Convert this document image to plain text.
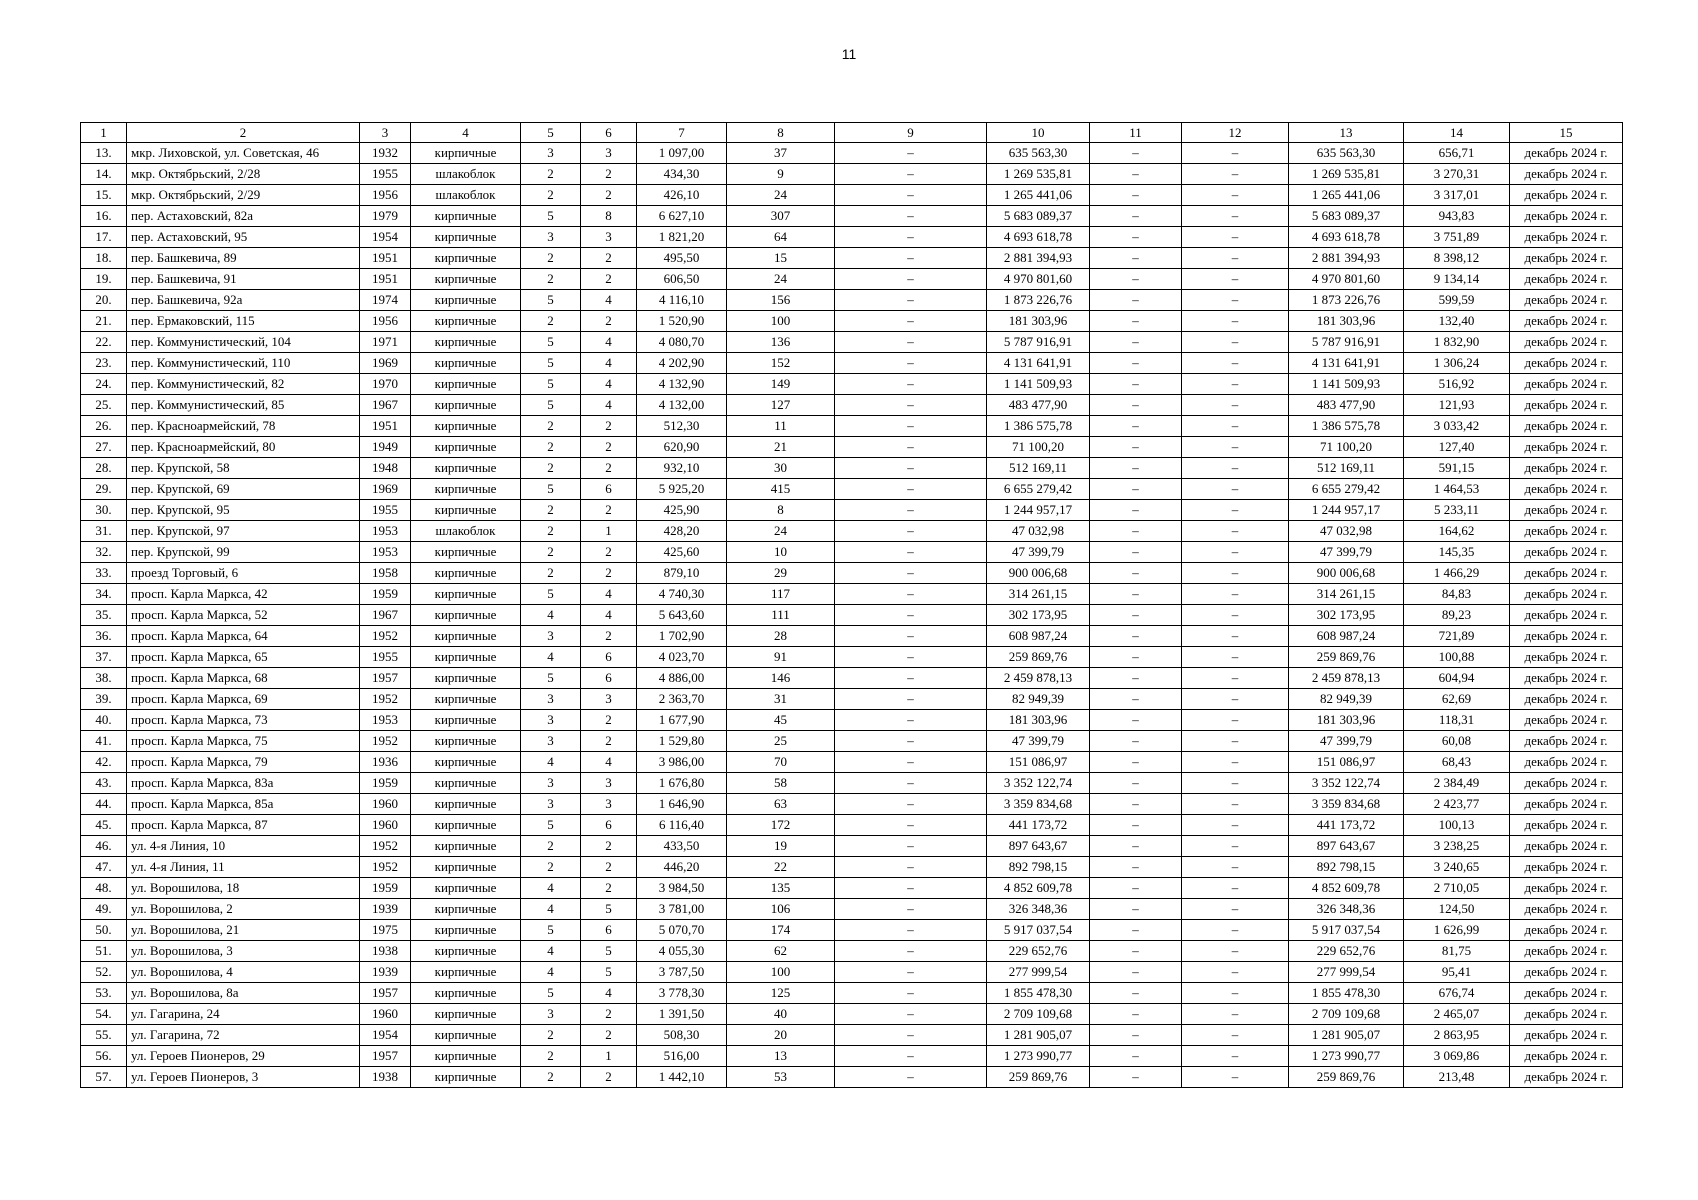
11
1	2	3	4	5	6	7	8	9	10	11	12	13	14	15
13.	мкр. Лиховской, ул. Советская, 46	1932	кирпичные	3	3	1 097,00	37	–	635 563,30	–	–	635 563,30	656,71	декабрь 2024 г.
14.	мкр. Октябрьский, 2/28	1955	шлакоблок	2	2	434,30	9	–	1 269 535,81	–	–	1 269 535,81	3 270,31	декабрь 2024 г.
15.	мкр. Октябрьский, 2/29	1956	шлакоблок	2	2	426,10	24	–	1 265 441,06	–	–	1 265 441,06	3 317,01	декабрь 2024 г.
16.	пер. Астаховский, 82а	1979	кирпичные	5	8	6 627,10	307	–	5 683 089,37	–	–	5 683 089,37	943,83	декабрь 2024 г.
17.	пер. Астаховский, 95	1954	кирпичные	3	3	1 821,20	64	–	4 693 618,78	–	–	4 693 618,78	3 751,89	декабрь 2024 г.
18.	пер. Башкевича, 89	1951	кирпичные	2	2	495,50	15	–	2 881 394,93	–	–	2 881 394,93	8 398,12	декабрь 2024 г.
19.	пер. Башкевича, 91	1951	кирпичные	2	2	606,50	24	–	4 970 801,60	–	–	4 970 801,60	9 134,14	декабрь 2024 г.
20.	пер. Башкевича, 92а	1974	кирпичные	5	4	4 116,10	156	–	1 873 226,76	–	–	1 873 226,76	599,59	декабрь 2024 г.
21.	пер. Ермаковский, 115	1956	кирпичные	2	2	1 520,90	100	–	181 303,96	–	–	181 303,96	132,40	декабрь 2024 г.
22.	пер. Коммунистический, 104	1971	кирпичные	5	4	4 080,70	136	–	5 787 916,91	–	–	5 787 916,91	1 832,90	декабрь 2024 г.
23.	пер. Коммунистический, 110	1969	кирпичные	5	4	4 202,90	152	–	4 131 641,91	–	–	4 131 641,91	1 306,24	декабрь 2024 г.
24.	пер. Коммунистический, 82	1970	кирпичные	5	4	4 132,90	149	–	1 141 509,93	–	–	1 141 509,93	516,92	декабрь 2024 г.
25.	пер. Коммунистический, 85	1967	кирпичные	5	4	4 132,00	127	–	483 477,90	–	–	483 477,90	121,93	декабрь 2024 г.
26.	пер. Красноармейский, 78	1951	кирпичные	2	2	512,30	11	–	1 386 575,78	–	–	1 386 575,78	3 033,42	декабрь 2024 г.
27.	пер. Красноармейский, 80	1949	кирпичные	2	2	620,90	21	–	71 100,20	–	–	71 100,20	127,40	декабрь 2024 г.
28.	пер. Крупской, 58	1948	кирпичные	2	2	932,10	30	–	512 169,11	–	–	512 169,11	591,15	декабрь 2024 г.
29.	пер. Крупской, 69	1969	кирпичные	5	6	5 925,20	415	–	6 655 279,42	–	–	6 655 279,42	1 464,53	декабрь 2024 г.
30.	пер. Крупской, 95	1955	кирпичные	2	2	425,90	8	–	1 244 957,17	–	–	1 244 957,17	5 233,11	декабрь 2024 г.
31.	пер. Крупской, 97	1953	шлакоблок	2	1	428,20	24	–	47 032,98	–	–	47 032,98	164,62	декабрь 2024 г.
32.	пер. Крупской, 99	1953	кирпичные	2	2	425,60	10	–	47 399,79	–	–	47 399,79	145,35	декабрь 2024 г.
33.	проезд Торговый, 6	1958	кирпичные	2	2	879,10	29	–	900 006,68	–	–	900 006,68	1 466,29	декабрь 2024 г.
34.	просп. Карла Маркса, 42	1959	кирпичные	5	4	4 740,30	117	–	314 261,15	–	–	314 261,15	84,83	декабрь 2024 г.
35.	просп. Карла Маркса, 52	1967	кирпичные	4	4	5 643,60	111	–	302 173,95	–	–	302 173,95	89,23	декабрь 2024 г.
36.	просп. Карла Маркса, 64	1952	кирпичные	3	2	1 702,90	28	–	608 987,24	–	–	608 987,24	721,89	декабрь 2024 г.
37.	просп. Карла Маркса, 65	1955	кирпичные	4	6	4 023,70	91	–	259 869,76	–	–	259 869,76	100,88	декабрь 2024 г.
38.	просп. Карла Маркса, 68	1957	кирпичные	5	6	4 886,00	146	–	2 459 878,13	–	–	2 459 878,13	604,94	декабрь 2024 г.
39.	просп. Карла Маркса, 69	1952	кирпичные	3	3	2 363,70	31	–	82 949,39	–	–	82 949,39	62,69	декабрь 2024 г.
40.	просп. Карла Маркса, 73	1953	кирпичные	3	2	1 677,90	45	–	181 303,96	–	–	181 303,96	118,31	декабрь 2024 г.
41.	просп. Карла Маркса, 75	1952	кирпичные	3	2	1 529,80	25	–	47 399,79	–	–	47 399,79	60,08	декабрь 2024 г.
42.	просп. Карла Маркса, 79	1936	кирпичные	4	4	3 986,00	70	–	151 086,97	–	–	151 086,97	68,43	декабрь 2024 г.
43.	просп. Карла Маркса, 83а	1959	кирпичные	3	3	1 676,80	58	–	3 352 122,74	–	–	3 352 122,74	2 384,49	декабрь 2024 г.
44.	просп. Карла Маркса, 85а	1960	кирпичные	3	3	1 646,90	63	–	3 359 834,68	–	–	3 359 834,68	2 423,77	декабрь 2024 г.
45.	просп. Карла Маркса, 87	1960	кирпичные	5	6	6 116,40	172	–	441 173,72	–	–	441 173,72	100,13	декабрь 2024 г.
46.	ул. 4-я Линия, 10	1952	кирпичные	2	2	433,50	19	–	897 643,67	–	–	897 643,67	3 238,25	декабрь 2024 г.
47.	ул. 4-я Линия, 11	1952	кирпичные	2	2	446,20	22	–	892 798,15	–	–	892 798,15	3 240,65	декабрь 2024 г.
48.	ул. Ворошилова, 18	1959	кирпичные	4	2	3 984,50	135	–	4 852 609,78	–	–	4 852 609,78	2 710,05	декабрь 2024 г.
49.	ул. Ворошилова, 2	1939	кирпичные	4	5	3 781,00	106	–	326 348,36	–	–	326 348,36	124,50	декабрь 2024 г.
50.	ул. Ворошилова, 21	1975	кирпичные	5	6	5 070,70	174	–	5 917 037,54	–	–	5 917 037,54	1 626,99	декабрь 2024 г.
51.	ул. Ворошилова, 3	1938	кирпичные	4	5	4 055,30	62	–	229 652,76	–	–	229 652,76	81,75	декабрь 2024 г.
52.	ул. Ворошилова, 4	1939	кирпичные	4	5	3 787,50	100	–	277 999,54	–	–	277 999,54	95,41	декабрь 2024 г.
53.	ул. Ворошилова, 8а	1957	кирпичные	5	4	3 778,30	125	–	1 855 478,30	–	–	1 855 478,30	676,74	декабрь 2024 г.
54.	ул. Гагарина, 24	1960	кирпичные	3	2	1 391,50	40	–	2 709 109,68	–	–	2 709 109,68	2 465,07	декабрь 2024 г.
55.	ул. Гагарина, 72	1954	кирпичные	2	2	508,30	20	–	1 281 905,07	–	–	1 281 905,07	2 863,95	декабрь 2024 г.
56.	ул. Героев Пионеров, 29	1957	кирпичные	2	1	516,00	13	–	1 273 990,77	–	–	1 273 990,77	3 069,86	декабрь 2024 г.
57.	ул. Героев Пионеров, 3	1938	кирпичные	2	2	1 442,10	53	–	259 869,76	–	–	259 869,76	213,48	декабрь 2024 г.
